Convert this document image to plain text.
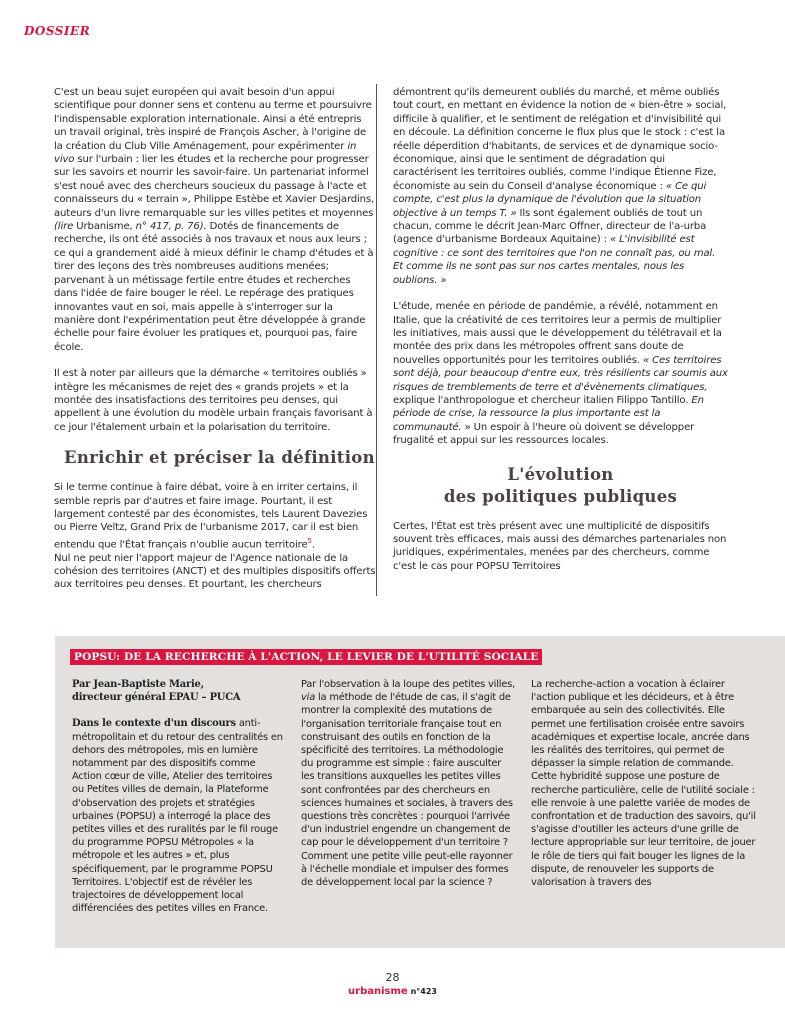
DOSSIER

C'est un beau sujet européen qui avait besoin d'un appui scientifique pour donner sens et contenu au terme et poursuivre l'indispensable exploration internationale. Ainsi a été entrepris un travail original, très inspiré de François Ascher, à l'origine de la création du Club Ville Aménagement, pour expérimenter in vivo sur l'urbain : lier les études et la recherche pour progresser sur les savoirs et nourrir les savoir-faire. Un partenariat informel s'est noué avec des chercheurs soucieux du passage à l'acte et connaisseurs du « terrain », Philippe Estèbe et Xavier Desjardins, auteurs d'un livre remarquable sur les villes petites et moyennes (lire Urbanisme, n° 417, p. 76). Dotés de financements de recherche, ils ont été associés à nos travaux et nous aux leurs ; ce qui a grandement aidé à mieux définir le champ d'études et à tirer des leçons des très nombreuses auditions menées; parvenant à un métissage fertile entre études et recherches dans l'idée de faire bouger le réel. Le repérage des pratiques innovantes vaut en soi, mais appelle à s'interroger sur la manière dont l'expérimentation peut être développée à grande échelle pour faire évoluer les pratiques et, pourquoi pas, faire école.

Il est à noter par ailleurs que la démarche « territoires oubliés » intègre les mécanismes de rejet des « grands projets » et la montée des insatisfactions des territoires peu denses, qui appellent à une évolution du modèle urbain français favorisant à ce jour l'étalement urbain et la polarisation du territoire.

Enrichir et préciser la définition

Si le terme continue à faire débat, voire à en irriter certains, il semble repris par d'autres et faire image. Pourtant, il est largement contesté par des économistes, tels Laurent Davezies ou Pierre Veltz, Grand Prix de l'urbanisme 2017, car il est bien entendu que l'État français n'oublie aucun territoire$^5$.

Nul ne peut nier l'apport majeur de l'Agence nationale de la cohésion des territoires (ANCT) et des multiples dispositifs offerts aux territoires peu denses. Et pourtant, les chercheurs

démontrent qu'ils demeurent oubliés du marché, et même oubliés tout court, en mettant en évidence la notion de « bien-être » social, difficile à qualifier, et le sentiment de relégation et d'invisibilité qui en découle. La définition concerne le flux plus que le stock : c'est la réelle déperdition d'habitants, de services et de dynamique socio-économique, ainsi que le sentiment de dégradation qui caractérisent les territoires oubliés, comme l'indique Étienne Fize, économiste au sein du Conseil d'analyse économique : « Ce qui compte, c'est plus la dynamique de l'évolution que la situation objective à un temps T. » Ils sont également oubliés de tout un chacun, comme le décrit Jean-Marc Offner, directeur de l'a-urba (agence d'urbanisme Bordeaux Aquitaine) : « L'invisibilité est cognitive : ce sont des territoires que l'on ne connaît pas, ou mal. Et comme ils ne sont pas sur nos cartes mentales, nous les oublions. »

L'étude, menée en période de pandémie, a révélé, notamment en Italie, que la créativité de ces territoires leur a permis de multiplier les initiatives, mais aussi que le développement du télétravail et la montée des prix dans les métropoles offrent sans doute de nouvelles opportunités pour les territoires oubliés. « Ces territoires sont déjà, pour beaucoup d'entre eux, très résilients car soumis aux risques de tremblements de terre et d'évènements climatiques, explique l'anthropologue et chercheur italien Filippo Tantillo. En période de crise, la ressource la plus importante est la communauté. » Un espoir à l'heure où doivent se développer frugalité et appui sur les ressources locales.

L'évolution
des politiques publiques

Certes, l'État est très présent avec une multiplicité de dispositifs souvent très efficaces, mais aussi des démarches partenariales non juridiques, expérimentales, menées par des chercheurs, comme c'est le cas pour POPSU Territoires

POPSU: DE LA RECHERCHE À L'ACTION, LE LEVIER DE L'UTILITÉ SOCIALE
Par Jean-Baptiste Marie,
directeur général EPAU – PUCA

Dans le contexte d'un discours anti-métropolitain et du retour des centralités en dehors des métropoles, mis en lumière notamment par des dispositifs comme Action cœur de ville, Atelier des territoires ou Petites villes de demain, la Plateforme d'observation des projets et stratégies urbaines (POPSU) a interrogé la place des petites villes et des ruralités par le fil rouge du programme POPSU Métropoles « la métropole et les autres » et, plus spécifiquement, par le programme POPSU Territoires. L'objectif est de révéler les trajectoires de développement local différenciées des petites villes en France.

Par l'observation à la loupe des petites villes, via la méthode de l'étude de cas, il s'agit de montrer la complexité des mutations de l'organisation territoriale française tout en construisant des outils en fonction de la spécificité des territoires. La méthodologie du programme est simple : faire ausculter les transitions auxquelles les petites villes sont confrontées par des chercheurs en sciences humaines et sociales, à travers des questions très concrètes : pourquoi l'arrivée d'un industriel engendre un changement de cap pour le développement d'un territoire ? Comment une petite ville peut-elle rayonner à l'échelle mondiale et impulser des formes de développement local par la science ?

La recherche-action a vocation à éclairer l'action publique et les décideurs, et à être embarquée au sein des collectivités. Elle permet une fertilisation croisée entre savoirs académiques et expertise locale, ancrée dans les réalités des territoires, qui permet de dépasser la simple relation de commande.

Cette hybridité suppose une posture de recherche particulière, celle de l'utilité sociale : elle renvoie à une palette variée de modes de confrontation et de traduction des savoirs, qu'il s'agisse d'outiller les acteurs d'une grille de lecture appropriable sur leur territoire, de jouer le rôle de tiers qui fait bouger les lignes de la dispute, de renouveler les supports de valorisation à travers des

28
urbanisme n°423
